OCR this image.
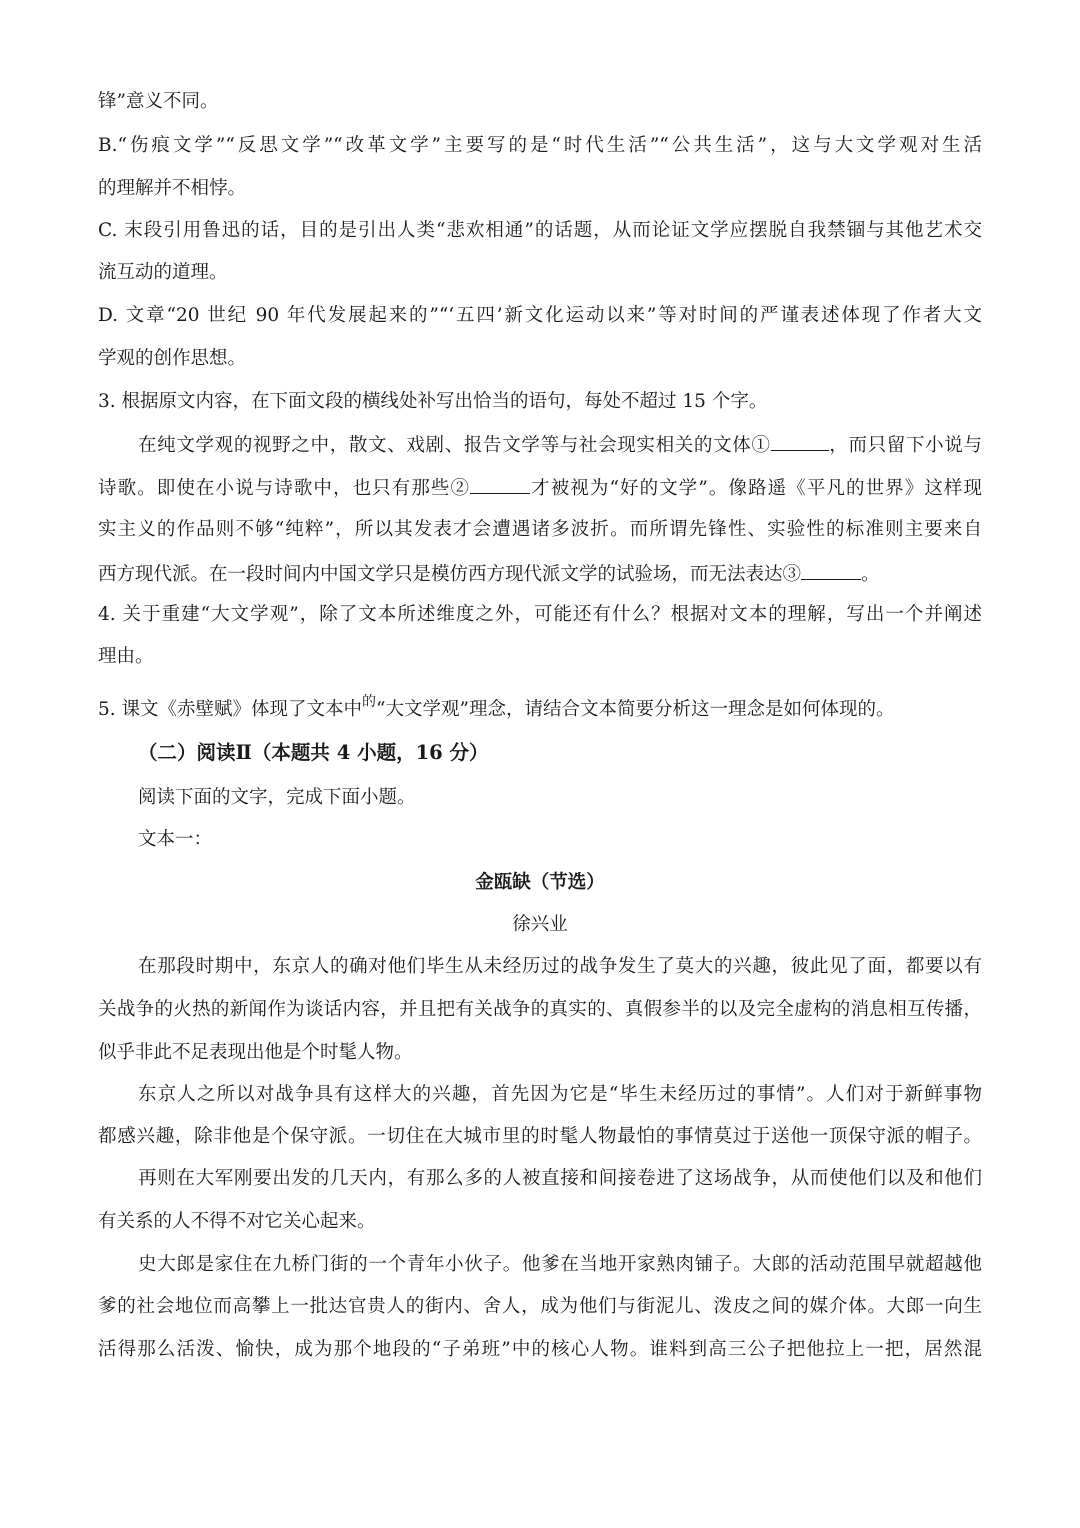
锋”意义不同。
B.“伤痕文学”“反思文学”“改革文学”主要写的是“时代生活”“公共生活”，这与大文学观对生活
的理解并不相悖。
C. 末段引用鲁迅的话，目的是引出人类“悲欢相通”的话题，从而论证文学应摆脱自我禁锢与其他艺术交
流互动的道理。
D. 文章“20 世纪 90 年代发展起来的”“‘五四’新文化运动以来”等对时间的严谨表述体现了作者大文
学观的创作思想。
3. 根据原文内容，在下面文段的横线处补写出恰当的语句，每处不超过 15 个字。
在纯文学观的视野之中，散文、戏剧、报告文学等与社会现实相关的文体①	，而只留下小说与
诗歌。即使在小说与诗歌中，也只有那些②	才被视为“好的文学”。像路遥《平凡的世界》这样现
实主义的作品则不够“纯粹”，所以其发表才会遭遇诸多波折。而所谓先锋性、实验性的标准则主要来自
西方现代派。在一段时间内中国文学只是模仿西方现代派文学的试验场，而无法表达③	。
4. 关于重建“大文学观”，除了文本所述维度之外，可能还有什么？根据对文本的理解，写出一个并阐述
理由。
5. 课文《赤壁赋》体现了文本中$^的$“大文学观”理念，请结合文本简要分析这一理念是如何体现的。
（二）阅读Ⅱ（本题共 4 小题，16 分）
阅读下面的文字，完成下面小题。
文本一：
金瓯缺（节选）
徐兴业
在那段时期中，东京人的确对他们毕生从未经历过的战争发生了莫大的兴趣，彼此见了面，都要以有
关战争的火热的新闻作为谈话内容，并且把有关战争的真实的、真假参半的以及完全虚构的消息相互传播，
似乎非此不足表现出他是个时髦人物。
东京人之所以对战争具有这样大的兴趣，首先因为它是“毕生未经历过的事情”。人们对于新鲜事物
都感兴趣，除非他是个保守派。一切住在大城市里的时髦人物最怕的事情莫过于送他一顶保守派的帽子。
再则在大军刚要出发的几天内，有那么多的人被直接和间接卷进了这场战争，从而使他们以及和他们
有关系的人不得不对它关心起来。
史大郎是家住在九桥门街的一个青年小伙子。他爹在当地开家熟肉铺子。大郎的活动范围早就超越他
爹的社会地位而高攀上一批达官贵人的街内、舍人，成为他们与街泥儿、泼皮之间的媒介体。大郎一向生
活得那么活泼、愉快，成为那个地段的“子弟班”中的核心人物。谁料到高三公子把他拉上一把，居然混
